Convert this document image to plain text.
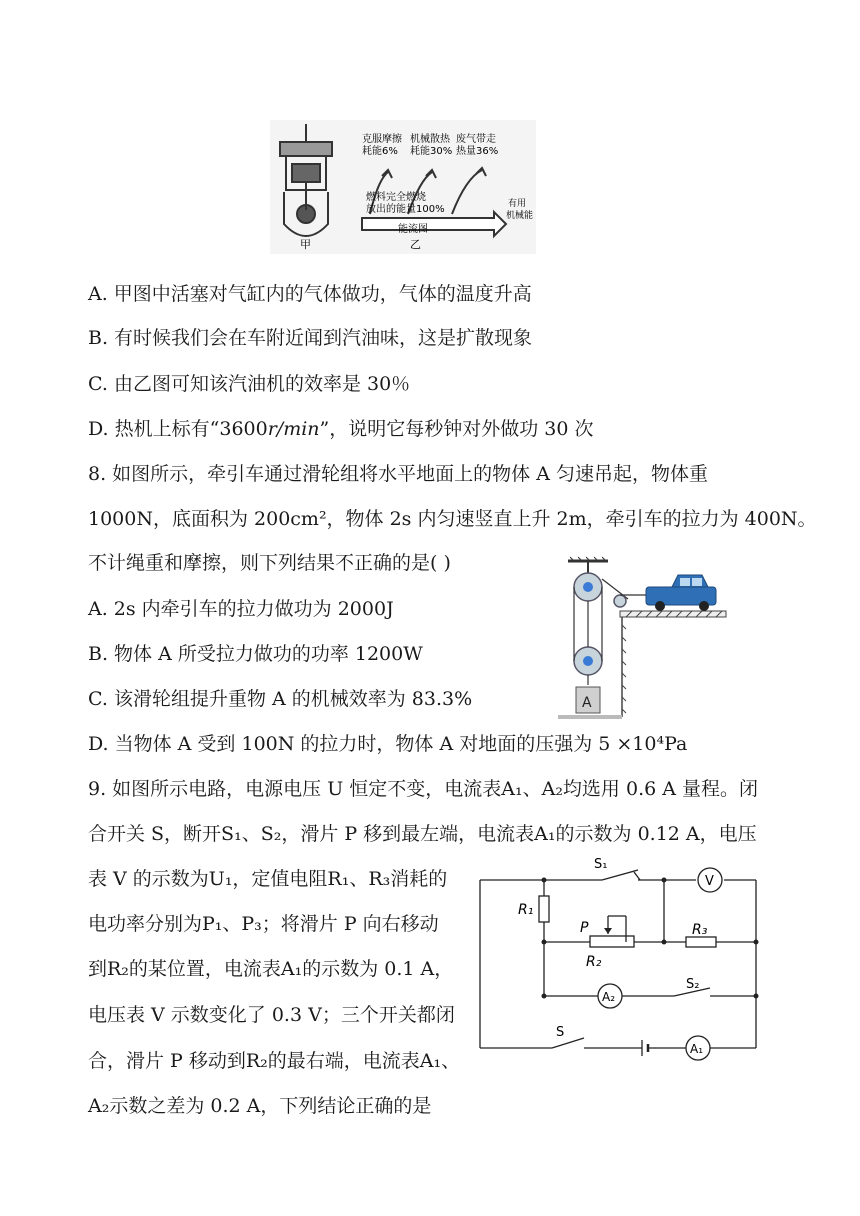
甲
克服摩擦
耗能6%
机械散热
耗能30%
废气带走
热量36%
燃料完全燃烧
放出的能量100%	有用
机械能
能流图
乙
A. 甲图中活塞对气缸内的气体做功，气体的温度升高
B. 有时候我们会在车附近闻到汽油味，这是扩散现象
C. 由乙图可知该汽油机的效率是 30％
D. 热机上标有“3600r/min”，说明它每秒钟对外做功 30 次
8. 如图所示，牵引车通过滑轮组将水平地面上的物体 A 匀速吊起，物体重
1000N，底面积为 200cm²，物体 2s 内匀速竖直上升 2m，牵引车的拉力为 400N。
不计绳重和摩擦，则下列结果不正确的是( )
A. 2s 内牵引车的拉力做功为 2000J
B. 物体 A 所受拉力做功的功率 1200W
C. 该滑轮组提升重物 A 的机械效率为 83.3%
D. 当物体 A 受到 100N 的拉力时，物体 A 对地面的压强为 5 ×10⁴Pa
A
9. 如图所示电路，电源电压 U 恒定不变，电流表A₁、A₂均选用 0.6 A 量程。闭
合开关 S，断开S₁、S₂，滑片 P 移到最左端，电流表A₁的示数为 0.12 A，电压
表 V 的示数为U₁，定值电阻R₁、R₃消耗的
电功率分别为P₁、P₃；将滑片 P 向右移动
到R₂的某位置，电流表A₁的示数为 0.1 A，
电压表 V 示数变化了 0.3 V；三个开关都闭
合，滑片 P 移动到R₂的最右端，电流表A₁、
A₂示数之差为 0.2 A，下列结论正确的是
V
A₂
A₁
S₁
S₂
S
R₁
P
R₂
R₃
